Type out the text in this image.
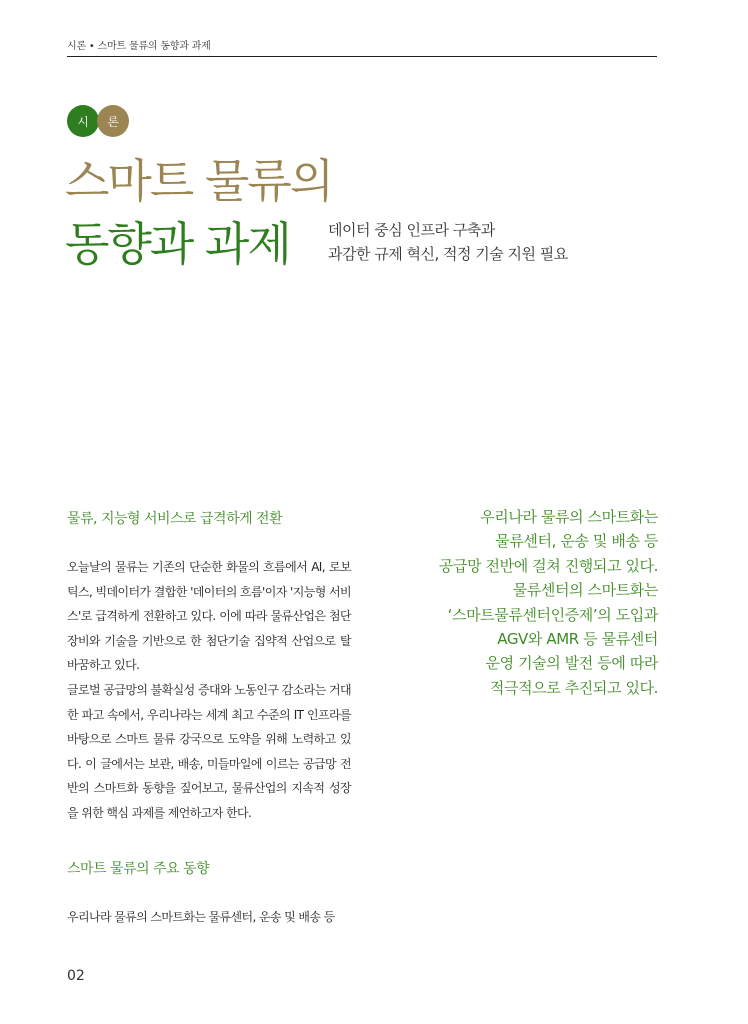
시론 • 스마트 물류의 동향과 과제
시	론
스마트 물류의
동향과 과제	데이터 중심 인프라 구축과
과감한 규제 혁신, 적정 기술 지원 필요
물류, 지능형 서비스로 급격하게 전환

오늘날의 물류는 기존의 단순한 화물의 흐름에서 AI, 로보틱스, 빅데이터가 결합한 '데이터의 흐름'이자 '지능형 서비스'로 급격하게 전환하고 있다. 이에 따라 물류산업은 첨단장비와 기술을 기반으로 한 첨단기술 집약적 산업으로 탈바꿈하고 있다.

글로벌 공급망의 불확실성 증대와 노동인구 감소라는 거대한 파고 속에서, 우리나라는 세계 최고 수준의 IT 인프라를 바탕으로 스마트 물류 강국으로 도약을 위해 노력하고 있다. 이 글에서는 보관, 배송, 미들마일에 이르는 공급망 전반의 스마트화 동향을 짚어보고, 물류산업의 지속적 성장을 위한 핵심 과제를 제언하고자 한다.

스마트 물류의 주요 동향

우리나라 물류의 스마트화는 물류센터, 운송 및 배송 등

우리나라 물류의 스마트화는
물류센터, 운송 및 배송 등
공급망 전반에 걸쳐 진행되고 있다.
물류센터의 스마트화는
‘스마트물류센터인증제’의 도입과
AGV와 AMR 등 물류센터
운영 기술의 발전 등에 따라
적극적으로 추진되고 있다.
02
